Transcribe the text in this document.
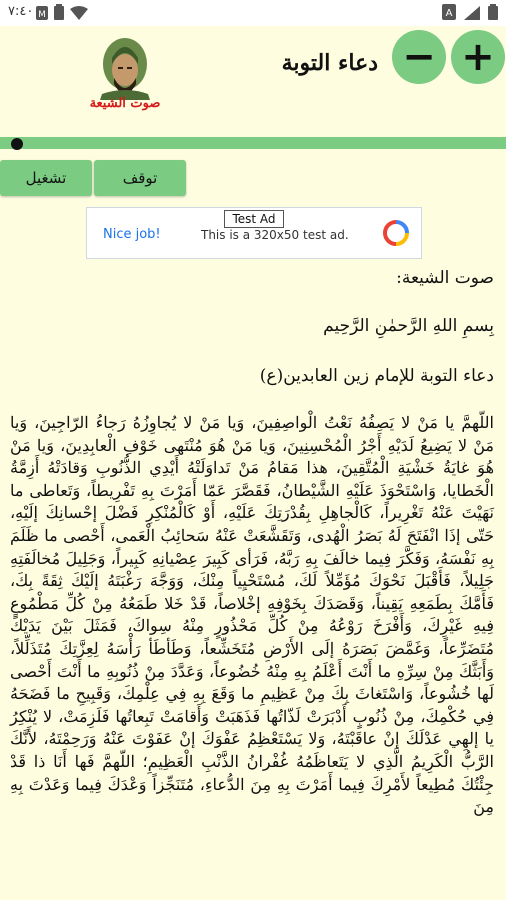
٧:٤٠ M	A
صوت الشيعة
دعاء التوبة − +
تشغيل	توقف
Nice job!	This is a 320x50 test ad.
Test Ad
صوت الشيعة:
بِسمِ اللهِ الرَّحمٰنِ الرَّحِيم
دعاء التوبة للإمام زين العابدين(ع)
اللّهمَّ يا مَنْ لا يَصِفُهُ نَعْتُ الْواصِفِينَ، وَيا مَنْ لا يُجاوِزُهُ رَجاءُ الرّاجِينَ، وَيا مَنْ لا يَضِيعُ لَدَيْهِ أَجْرُ الْمُحْسِنِينَ، وَيا مَنْ هُوَ مُنْتَهى خَوْفِ الْعابِدِينَ، وَيا مَنْ هُوَ غايَةُ خَشْيَةِ الْمُتَّقِينَ، هذا مَقامُ مَنْ تَداوَلَتْهُ أَيْدِي الذُّنُوبِ وَقادَتْهُ أَزِمَّةُ الْخَطايا، وَاسْتَحْوَذَ عَلَيْهِ الشَّيْطانُ، فَقَصَّرَ عَمّا أَمَرْتَ بِهِ تَفْرِيطاً، وَتَعاطى ما نَهَيْتَ عَنْهُ تَغْرِيراً، كَالْجاهِلِ بِقُدْرَتِكَ عَلَيْهِ، أَوْ كَالْمُنْكِرِ فَضْلَ إحْسانِكَ إلَيْهِ، حَتّى إذَا انْفَتَحَ لَهُ بَصَرُ الْهُدى، وَتَقَشَّعَتْ عَنْهُ سَحائِبُ الْعَمى، أَحْصى ما ظَلَمَ بِهِ نَفْسَهُ، وَفَكَّرَ فِيما خالَفَ بِهِ رَبَّهُ، فَرَأى كَبِيرَ عِصْيانِهِ كَبِيراً، وَجَلِيلَ مُخالَفَتِهِ جَلِيلاً، فَأَقْبَلَ نَحْوَكَ مُؤَمِّلاً لَكَ، مُسْتَحْيِياً مِنْكَ، وَوَجَّهَ رَغْبَتَهُ إلَيْكَ ثِقَةً بِكَ، فَأَمَّكَ بِطَمَعِهِ يَقِيناً، وَقَصَدَكَ بِخَوْفِهِ إخْلاصاً، قَدْ خَلا طَمَعُهُ مِنْ كُلِّ مَطْمُوعٍ فِيهِ غَيْرِكَ، وَأَفْرَخَ رَوْعُهُ مِنْ كُلِّ مَحْذُورٍ مِنْهُ سِواكَ، فَمَثَلَ بَيْنَ يَدَيْكَ مُتَضَرِّعاً، وَغَمَّضَ بَصَرَهُ إلَى الأَرْضِ مُتَخَشِّعاً، وَطَأطَأ رَأْسَهُ لِعِزَّتِكَ مُتَذَلِّلاً، وَأَبَثَّكَ مِنْ سِرِّهِ ما أَنْتَ أَعْلَمُ بِهِ مِنْهُ خُضُوعاً، وَعَدَّدَ مِنْ ذُنُوبِهِ ما أَنْتَ أَحْصى لَها خُشُوعاً، وَاسْتَغاثَ بِكَ مِنْ عَظِيمِ ما وَقَعَ بِهِ فِي عِلْمِكَ، وَقَبِيحِ ما فَضَحَهُ فِي حُكْمِكَ، مِنْ ذُنُوبٍ أَدْبَرَتْ لَذّاتُها فَذَهَبَتْ وَأَقامَتْ تَبِعاتُها فَلَزِمَتْ، لا يُنْكِرُ يا إلهِي عَدْلَكَ إنْ عاقَبْتَهُ، وَلا يَسْتَعْظِمُ عَفْوَكَ إنْ عَفَوْتَ عَنْهُ وَرَحِمْتَهُ، لأَنَّكَ الرَّبُّ الْكَرِيمُ الَّذِي لا يَتَعاظَمُهُ غُفْرانُ الذَّنْبِ الْعَظِيمِ؛ اللّهمَّ فَها أَنَا ذا قَدْ جِئْتُكَ مُطِيعاً لأَمْرِكَ فِيما أَمَرْتَ بِهِ مِنَ الدُّعاءِ، مُتَنَجِّزاً وَعْدَكَ فِيما وَعَدْتَ بِهِ مِنَ
